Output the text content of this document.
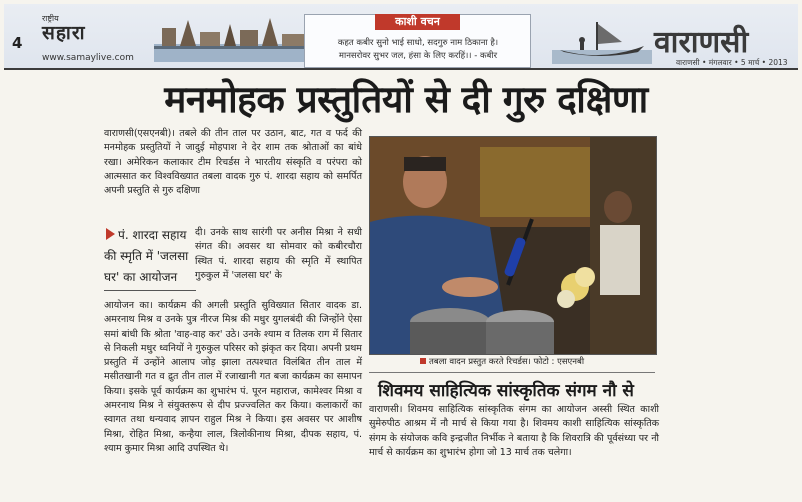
4
राष्ट्रीय
सहारा
www.samaylive.com
काशी वचन
कहत कबीर सुनो भाई साधो, सदगुरु नाम ठिकाना है।
मानसरोवर सुभर जल, हंसा के लिए करहिं।। - कबीर	वाराणसी
वाराणसी • मंगलवार • 5 मार्च • 2013
मनमोहक प्रस्तुतियों से दी गुरु दक्षिणा
वाराणसी(एसएनबी)। तबले की तीन ताल पर उठान, बाट, गत व फर्द की मनमोहक प्रस्तुतियों ने जादुई मोहपाश ने देर शाम तक श्रोताओं का बांधे रखा। अमेरिकन कलाकार टीम रिचर्डस ने भारतीय संस्कृति व परंपरा को आत्मसात कर विश्वविख्यात तबला वादक गुरु पं. शारदा सहाय को समर्पित अपनी प्रस्तुति से गुरु दक्षिणा
पं. शारदा सहाय की स्मृति में 'जलसा घर' का आयोजन
दी। उनके साथ सारंगी पर अनीस मिश्रा ने सधी संगत की। अवसर था सोमवार को कबीरचौरा स्थित पं. शारदा सहाय की स्मृति में स्थापित गुरुकुल में 'जलसा घर' के
आयोजन का। कार्यक्रम की अगली प्रस्तुति सुविख्यात सितार वादक डा. अमरनाथ मिश्र व उनके पुत्र नीरज मिश्र की मधुर युगलबंदी की जिन्होंने ऐसा समां बांधी कि श्रोता 'वाह-वाह कर' उठे। उनके श्याम व तिलक राग में सितार से निकली मधुर ध्वनियों ने गुरुकुल परिसर को झंकृत कर दिया। अपनी प्रथम प्रस्तुति में उन्होंने आलाप जोड़ झाला तत्पश्चात विलंबित तीन ताल में मसीतखानी गत व द्रुत तीन ताल में रजाखानी गत बजा कार्यक्रम का समापन किया। इसके पूर्व कार्यक्रम का शुभारंभ पं. पूरन महाराज, कामेश्वर मिश्रा व अमरनाथ मिश्र ने संयुक्तरूप से दीप प्रज्ज्वलित कर किया। कलाकारों का स्वागत तथा धन्यवाद ज्ञापन राहुल मिश्र ने किया। इस अवसर पर आशीष मिश्रा, रोहित मिश्रा, कन्हैया लाल, त्रिलोकीनाथ मिश्रा, दीपक सहाय, पं. श्याम कुमार मिश्रा आदि उपस्थित थे।
तबला वादन प्रस्तुत करते रिचर्डस। फोटो : एसएनबी
शिवमय साहित्यिक सांस्कृतिक संगम नौ से
वाराणसी। शिवमय साहित्यिक सांस्कृतिक संगम का आयोजन अस्सी स्थित काशी सुमेरुपीठ आश्रम में नौ मार्च से किया गया है। शिवमय काशी साहित्यिक सांस्कृतिक संगम के संयोजक कवि इन्द्रजीत निर्भीक ने बताया है कि शिवरात्रि की पूर्वसंध्या पर नौ मार्च से कार्यक्रम का शुभारंभ होगा जो 13 मार्च तक चलेगा।
